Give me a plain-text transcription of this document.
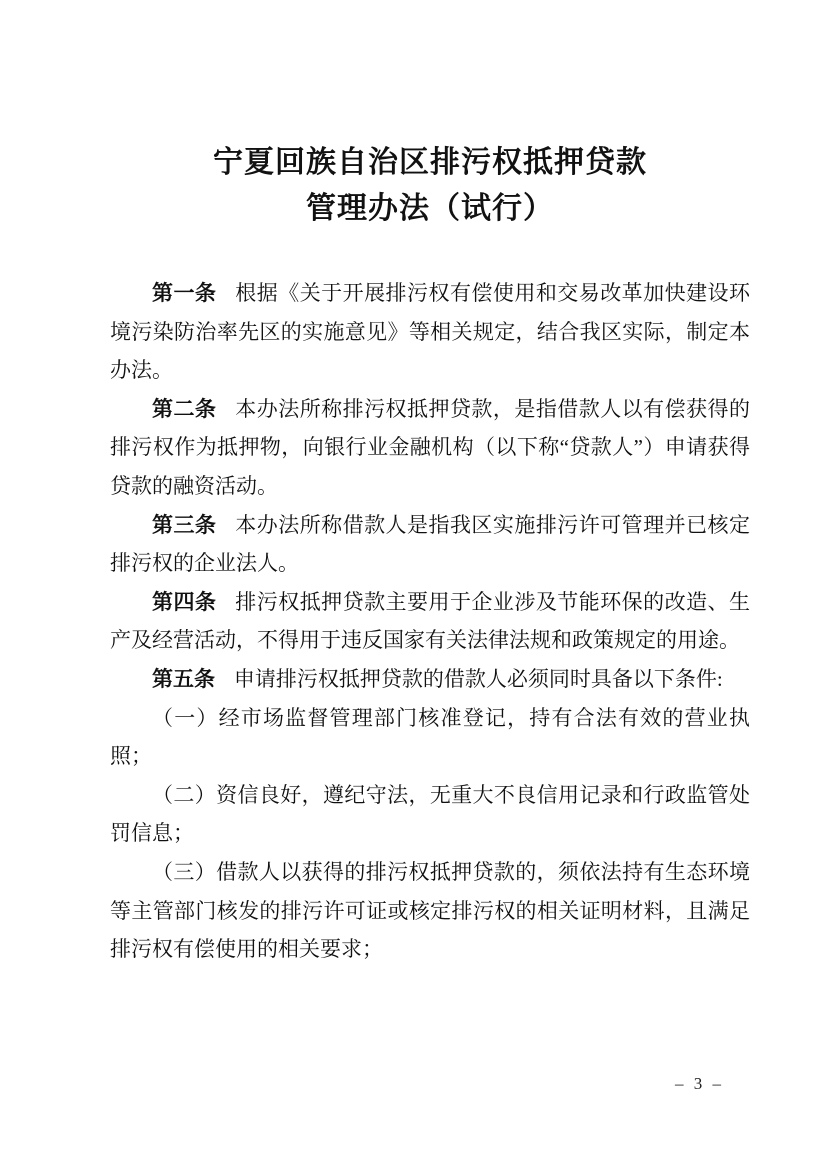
宁夏回族自治区排污权抵押贷款
管理办法（试行）

第一条 根据《关于开展排污权有偿使用和交易改革加快建设环境污染防治率先区的实施意见》等相关规定，结合我区实际，制定本办法。

第二条 本办法所称排污权抵押贷款，是指借款人以有偿获得的排污权作为抵押物，向银行业金融机构（以下称“贷款人”）申请获得贷款的融资活动。

第三条 本办法所称借款人是指我区实施排污许可管理并已核定排污权的企业法人。

第四条 排污权抵押贷款主要用于企业涉及节能环保的改造、生产及经营活动，不得用于违反国家有关法律法规和政策规定的用途。

第五条 申请排污权抵押贷款的借款人必须同时具备以下条件:

（一）经市场监督管理部门核准登记，持有合法有效的营业执照；

（二）资信良好，遵纪守法，无重大不良信用记录和行政监管处罚信息；

（三）借款人以获得的排污权抵押贷款的，须依法持有生态环境等主管部门核发的排污许可证或核定排污权的相关证明材料，且满足排污权有偿使用的相关要求；

– 3 –
